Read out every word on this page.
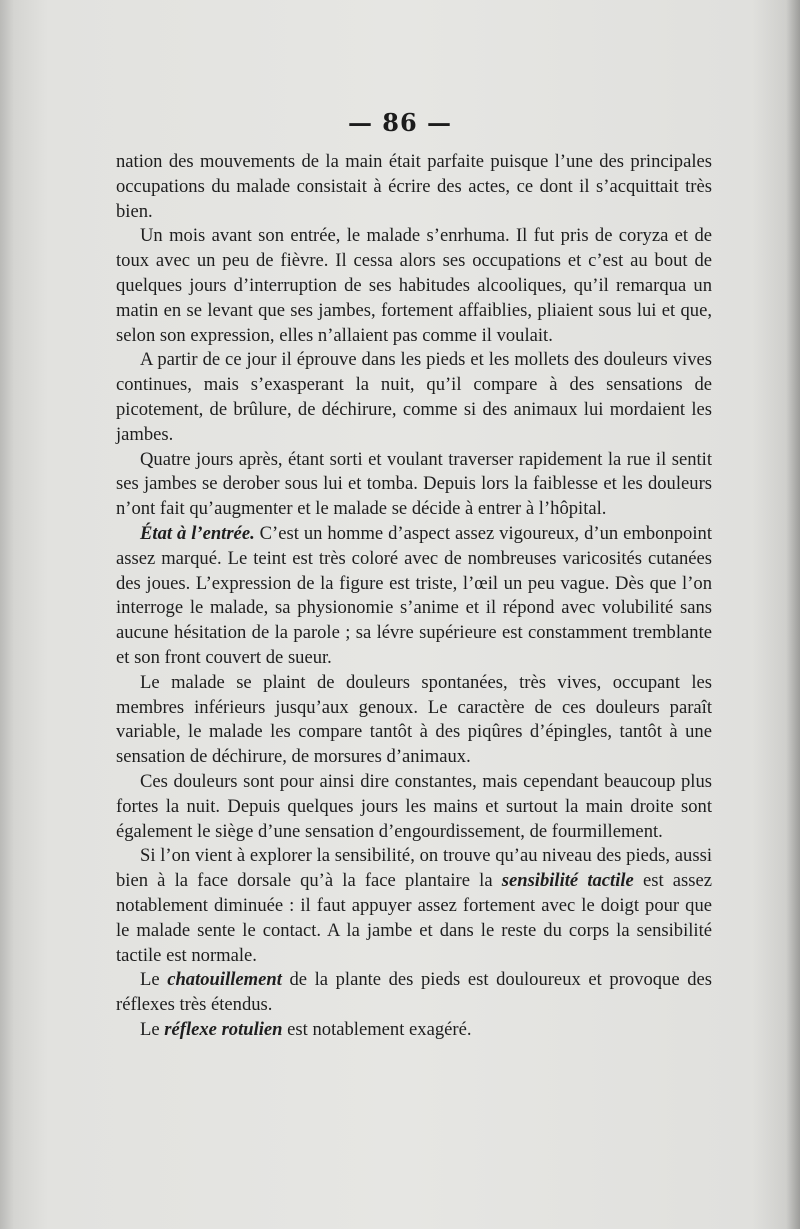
— 86 —

nation des mouvements de la main était parfaite puisque l’une des principales occupations du malade consistait à écrire des actes, ce dont il s’acquittait très bien.

Un mois avant son entrée, le malade s’enrhuma. Il fut pris de coryza et de toux avec un peu de fièvre. Il cessa alors ses occupations et c’est au bout de quelques jours d’interruption de ses habitudes alcooliques, qu’il remarqua un matin en se levant que ses jambes, fortement affaiblies, pliaient sous lui et que, selon son expression, elles n’allaient pas comme il voulait.

A partir de ce jour il éprouve dans les pieds et les mollets des douleurs vives continues, mais s’exasperant la nuit, qu’il compare à des sensations de picotement, de brûlure, de déchirure, comme si des animaux lui mordaient les jambes.

Quatre jours après, étant sorti et voulant traverser rapidement la rue il sentit ses jambes se derober sous lui et tomba. Depuis lors la faiblesse et les douleurs n’ont fait qu’augmenter et le malade se décide à entrer à l’hôpital.

État à l’entrée. C’est un homme d’aspect assez vigoureux, d’un embonpoint assez marqué. Le teint est très coloré avec de nombreuses varicosités cutanées des joues. L’expression de la figure est triste, l’œil un peu vague. Dès que l’on interroge le malade, sa physionomie s’anime et il répond avec volubilité sans aucune hésitation de la parole ; sa lévre supérieure est constamment tremblante et son front couvert de sueur.

Le malade se plaint de douleurs spontanées, très vives, occupant les membres inférieurs jusqu’aux genoux. Le caractère de ces douleurs paraît variable, le malade les compare tantôt à des piqûres d’épingles, tantôt à une sensation de déchirure, de morsures d’animaux.

Ces douleurs sont pour ainsi dire constantes, mais cependant beaucoup plus fortes la nuit. Depuis quelques jours les mains et surtout la main droite sont également le siège d’une sensation d’engourdissement, de fourmillement.

Si l’on vient à explorer la sensibilité, on trouve qu’au niveau des pieds, aussi bien à la face dorsale qu’à la face plantaire la sensibilité tactile est assez notablement diminuée : il faut appuyer assez fortement avec le doigt pour que le malade sente le contact. A la jambe et dans le reste du corps la sensibilité tactile est normale.

Le chatouillement de la plante des pieds est douloureux et provoque des réflexes très étendus.

Le réflexe rotulien est notablement exagéré.
